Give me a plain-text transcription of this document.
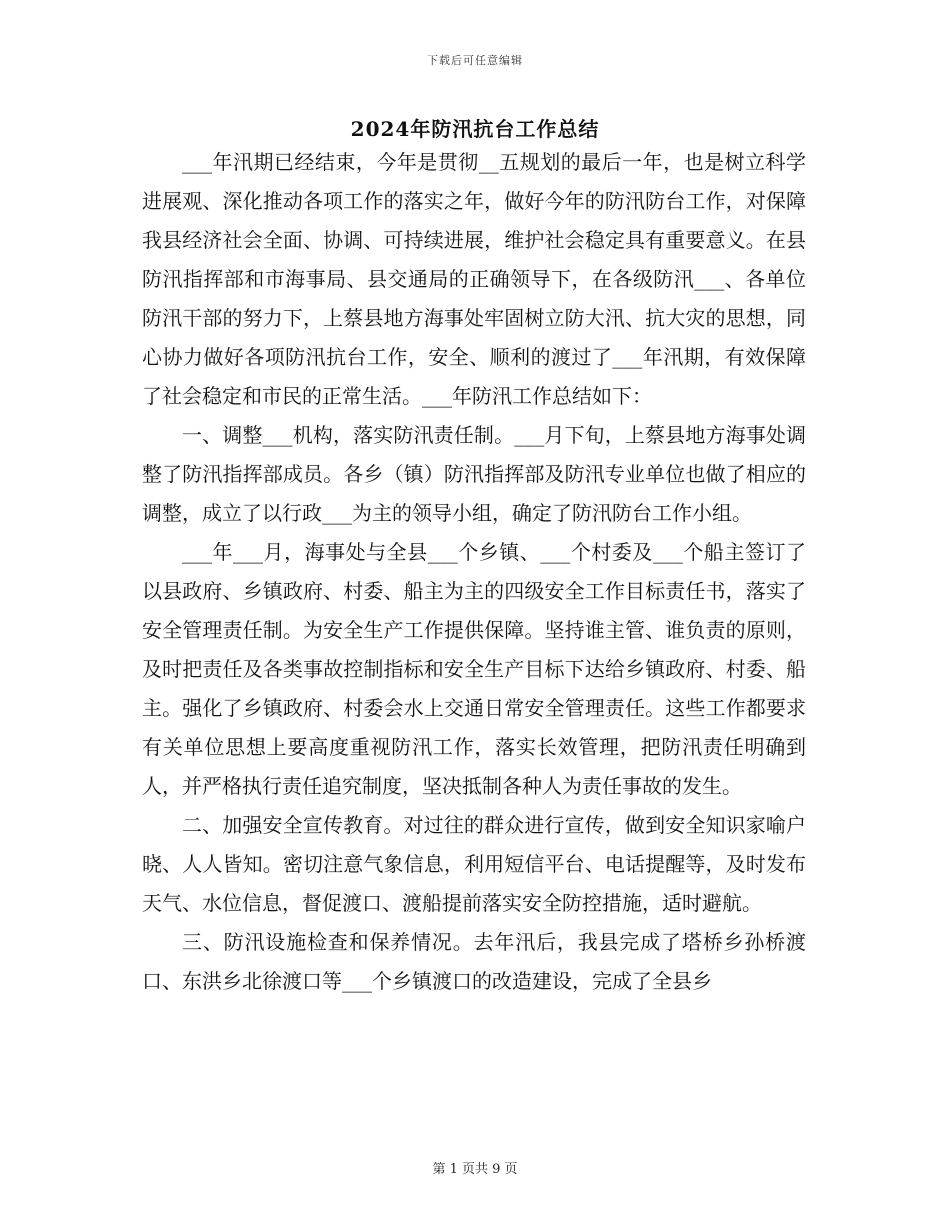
下载后可任意编辑
2024年防汛抗台工作总结

___年汛期已经结束，今年是贯彻__五规划的最后一年，也是树立科学进展观、深化推动各项工作的落实之年，做好今年的防汛防台工作，对保障我县经济社会全面、协调、可持续进展，维护社会稳定具有重要意义。在县防汛指挥部和市海事局、县交通局的正确领导下，在各级防汛___、各单位防汛干部的努力下，上蔡县地方海事处牢固树立防大汛、抗大灾的思想，同心协力做好各项防汛抗台工作，安全、顺利的渡过了___年汛期，有效保障了社会稳定和市民的正常生活。___年防汛工作总结如下：

一、调整___机构，落实防汛责任制。___月下旬，上蔡县地方海事处调整了防汛指挥部成员。各乡（镇）防汛指挥部及防汛专业单位也做了相应的调整，成立了以行政___为主的领导小组，确定了防汛防台工作小组。

___年___月，海事处与全县___个乡镇、___个村委及___个船主签订了以县政府、乡镇政府、村委、船主为主的四级安全工作目标责任书，落实了安全管理责任制。为安全生产工作提供保障。坚持谁主管、谁负责的原则，及时把责任及各类事故控制指标和安全生产目标下达给乡镇政府、村委、船主。强化了乡镇政府、村委会水上交通日常安全管理责任。这些工作都要求有关单位思想上要高度重视防汛工作，落实长效管理，把防汛责任明确到人，并严格执行责任追究制度，坚决抵制各种人为责任事故的发生。

二、加强安全宣传教育。对过往的群众进行宣传，做到安全知识家喻户晓、人人皆知。密切注意气象信息，利用短信平台、电话提醒等，及时发布天气、水位信息，督促渡口、渡船提前落实安全防控措施，适时避航。

三、防汛设施检查和保养情况。去年汛后，我县完成了塔桥乡孙桥渡口、东洪乡北徐渡口等___个乡镇渡口的改造建设，完成了全县乡

第 1 页共 9 页
